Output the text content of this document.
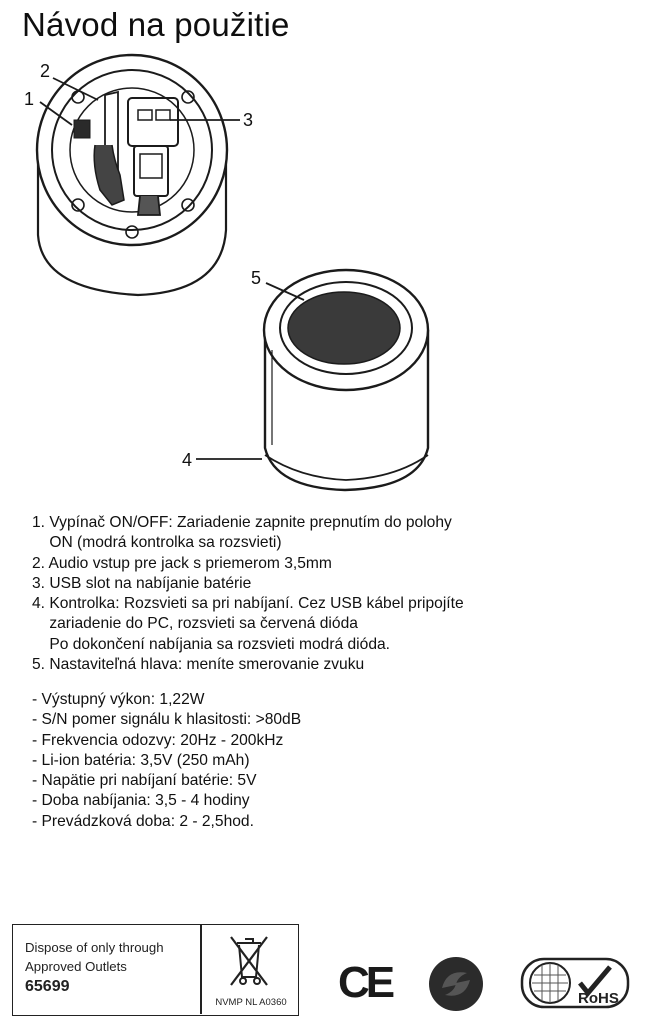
Návod na použitie
1
2
3
4
5
1. Vypínač ON/OFF: Zariadenie zapnite prepnutím do polohy
ON (modrá kontrolka sa rozsvieti)
2. Audio vstup pre jack s priemerom 3,5mm
3. USB slot na nabíjanie batérie
4. Kontrolka: Rozsvieti sa pri nabíjaní. Cez USB kábel pripojíte
zariadenie do PC, rozsvieti sa červená dióda
Po dokončení nabíjania sa rozsvieti modrá dióda.
5. Nastaviteľná hlava: meníte smerovanie zvuku
- Výstupný výkon: 1,22W
- S/N pomer signálu k hlasitosti: >80dB
- Frekvencia odozvy: 20Hz - 200kHz
- Li-ion batéria: 3,5V (250 mAh)
- Napätie pri nabíjaní batérie: 5V
- Doba nabíjania: 3,5 - 4 hodiny
- Prevádzková doba: 2 - 2,5hod.
Dispose of only through
Approved Outlets
65699
NVMP NL A0360 CE	RoHS
